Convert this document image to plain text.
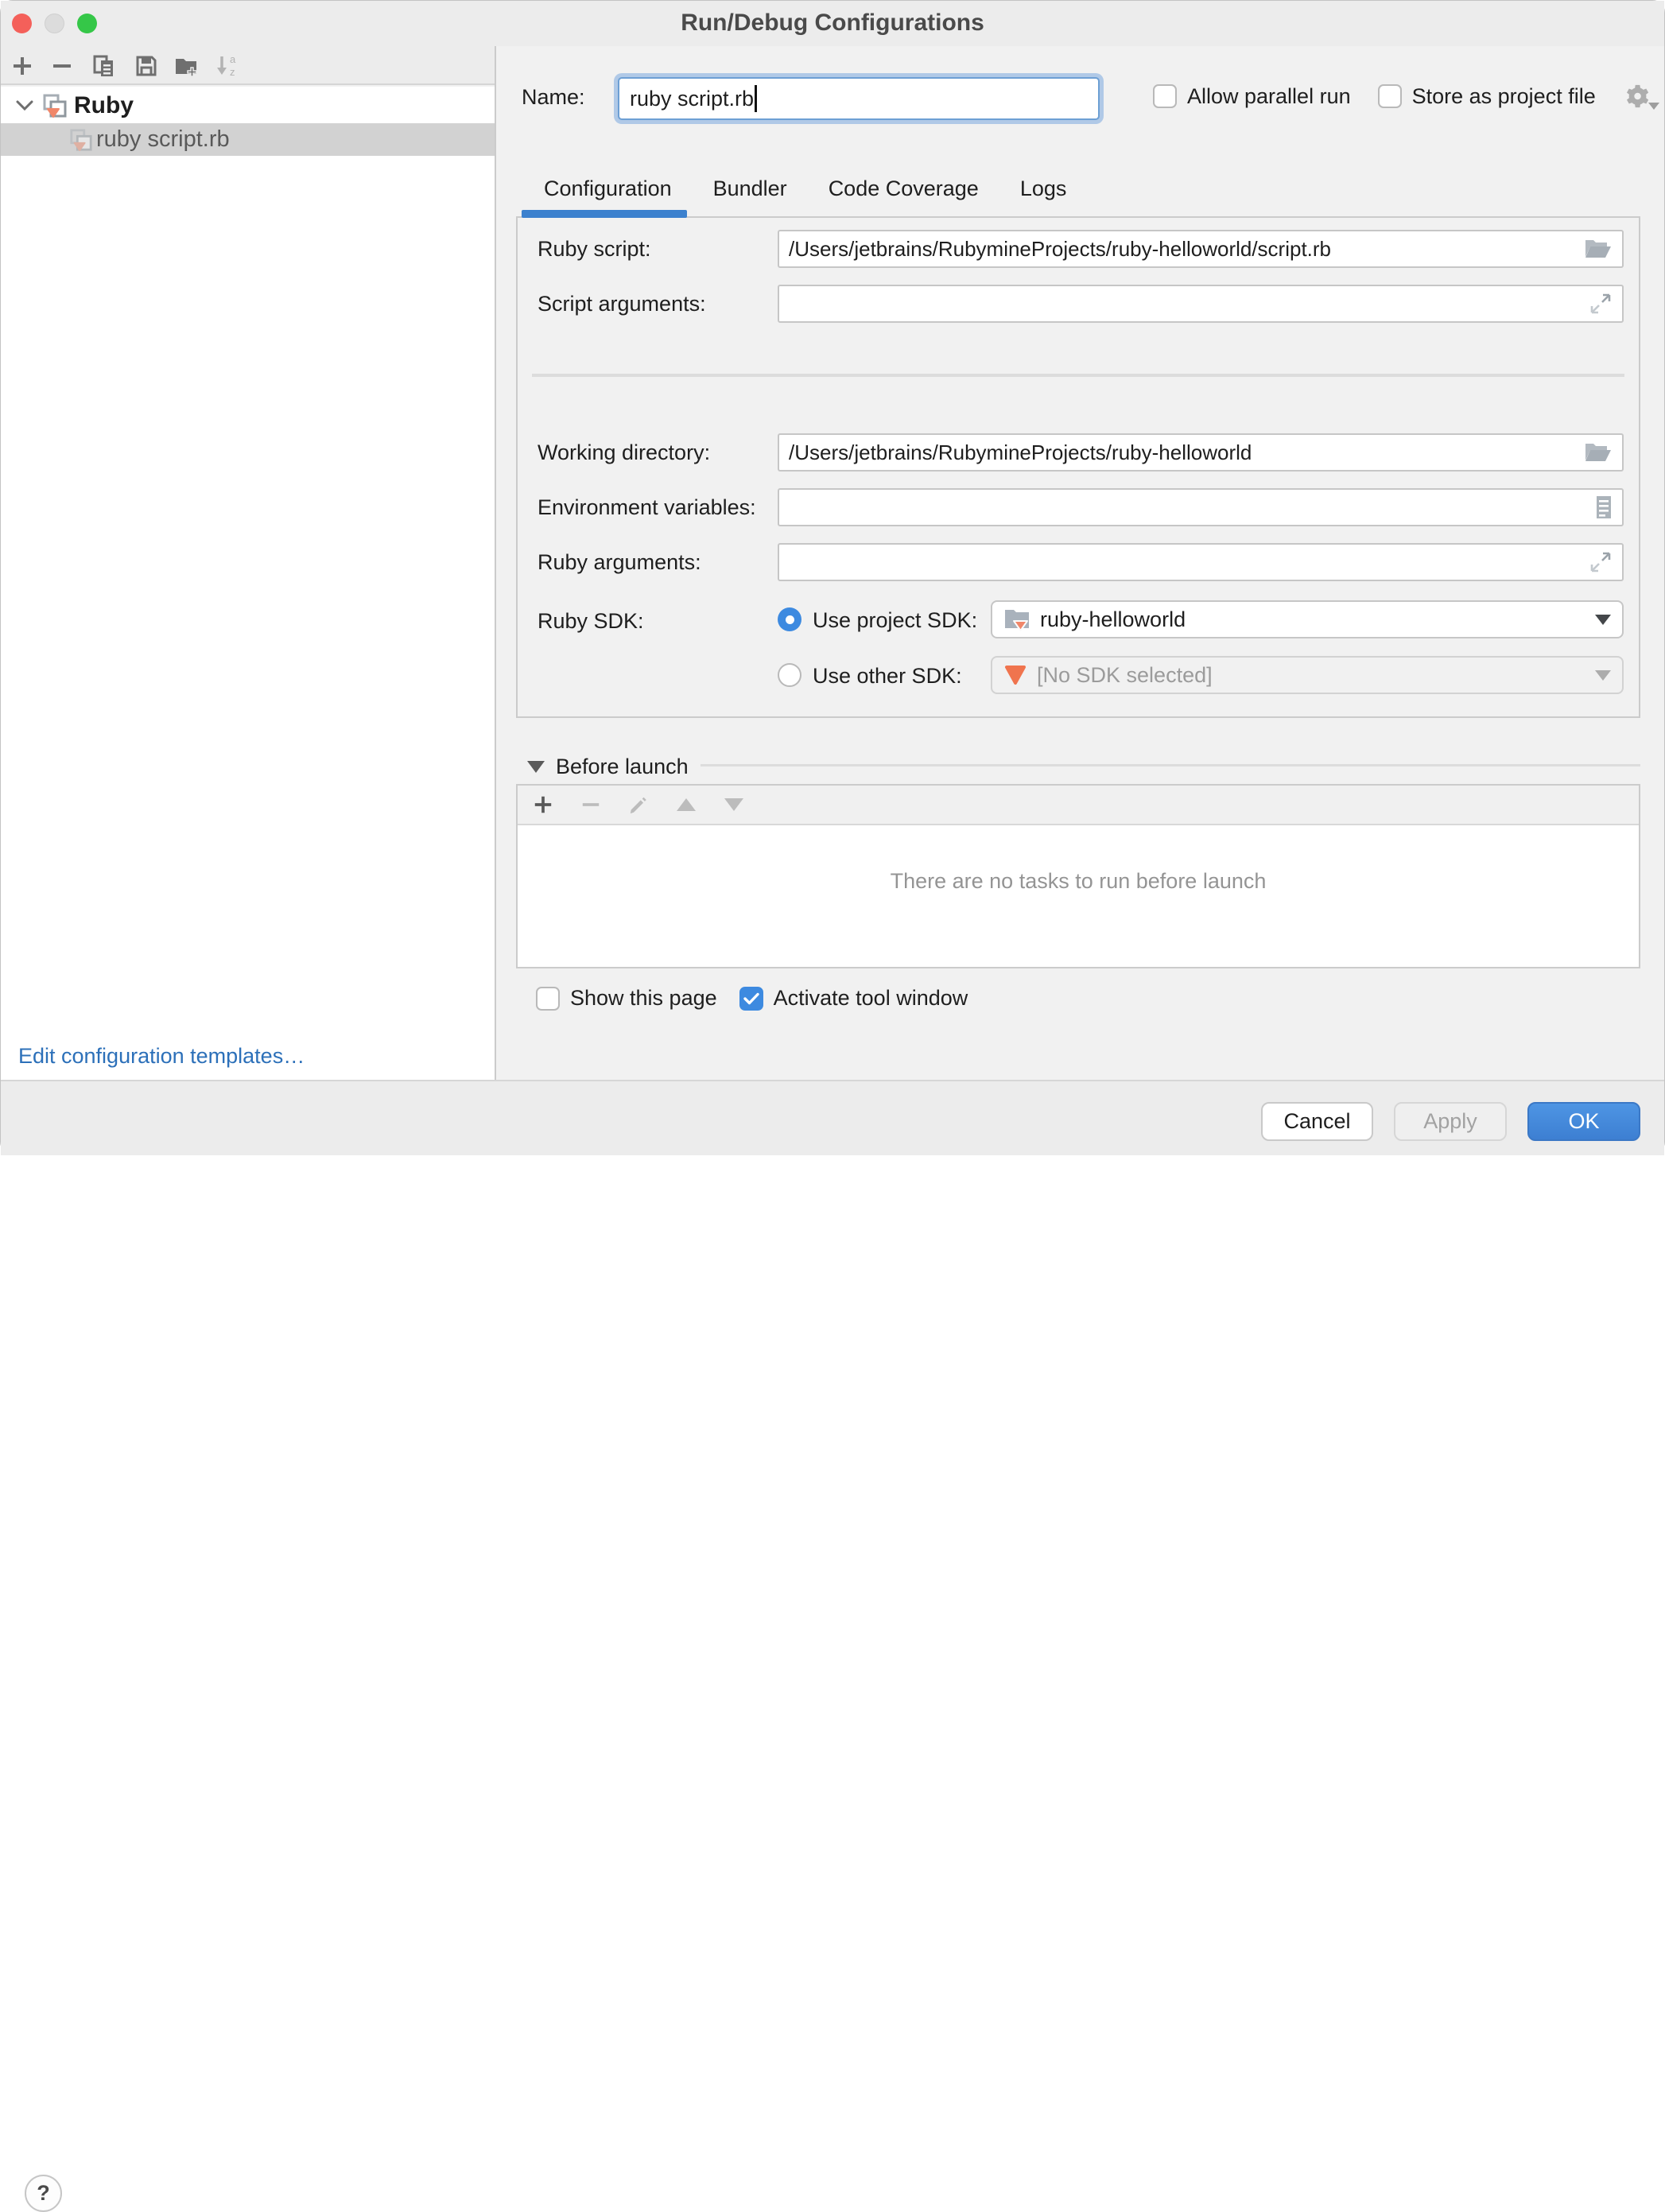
Run/Debug Configurations
a
z
Ruby
ruby script.rb
Edit configuration templates…
Name: ruby script.rb	Allow parallel run	Store as project file
Configuration Bundler Code Coverage Logs
Ruby script:	/Users/jetbrains/RubymineProjects/ruby-helloworld/script.rb
Script arguments:
Working directory:	/Users/jetbrains/RubymineProjects/ruby-helloworld
Environment variables:
Ruby arguments:
Ruby SDK:	Use project SDK:	ruby-helloworld
Use other SDK:	[No SDK selected]
Before launch
There are no tasks to run before launch
Show this page	Activate tool window
?
Cancel	Apply	OK
